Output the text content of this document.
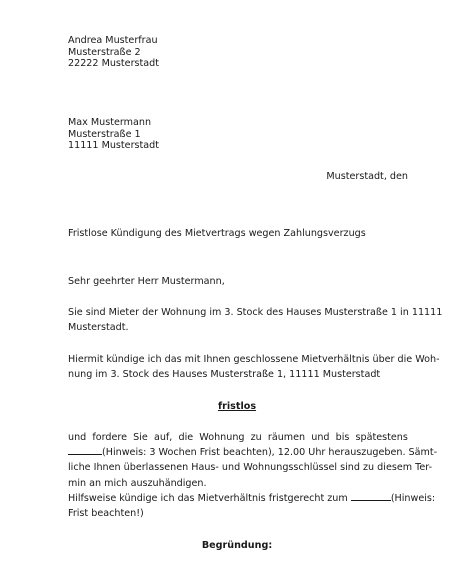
Andrea Musterfrau
Musterstraße 2
22222 Musterstadt
Max Mustermann
Musterstraße 1
11111 Musterstadt
Musterstadt, den
Fristlose Kündigung des Mietvertrags wegen Zahlungsverzugs
Sehr geehrter Herr Mustermann,
Sie sind Mieter der Wohnung im 3. Stock des Hauses Musterstraße 1 in 11111
Musterstadt.
Hiermit kündige ich das mit Ihnen geschlossene Mietverhältnis über die Woh-
nung im 3. Stock des Hauses Musterstraße 1, 11111 Musterstadt
fristlos
und fordere Sie auf, die Wohnung zu räumen und bis spätestens
(Hinweis: 3 Wochen Frist beachten), 12.00 Uhr herauszugeben. Sämt-
liche Ihnen überlassenen Haus- und Wohnungsschlüssel sind zu diesem Ter-
min an mich auszuhändigen.
Hilfsweise kündige ich das Mietverhältnis fristgerecht zum	(Hinweis:
Frist beachten!)
Begründung:
